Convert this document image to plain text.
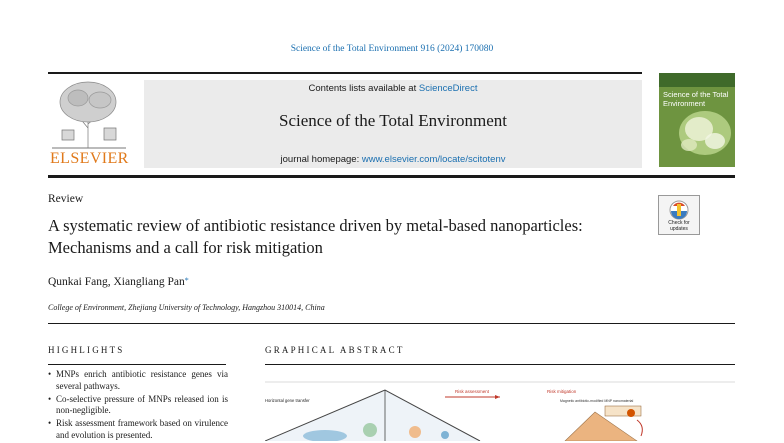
Science of the Total Environment 916 (2024) 170080
ELSEVIER
Contents lists available at ScienceDirect
Science of the Total Environment
journal homepage: www.elsevier.com/locate/scitotenv
Science of the Total Environment
Review
A systematic review of antibiotic resistance driven by metal-based nanoparticles: Mechanisms and a call for risk mitigation
Qunkai Fang, Xiangliang Pan*
College of Environment, Zhejiang University of Technology, Hangzhou 310014, China
Check for
updates
HIGHLIGHTS
• MNPs enrich antibiotic resistance genes via several pathways.
• Co-selective pressure of MNPs released ion is non-negligible.
• Risk assessment framework based on virulence and evolution is presented.
GRAPHICAL ABSTRACT
Horizontal gene transfer
Risk assessment	Risk mitigation
Magnetic antibiotic-modified MNP nanomaterial
